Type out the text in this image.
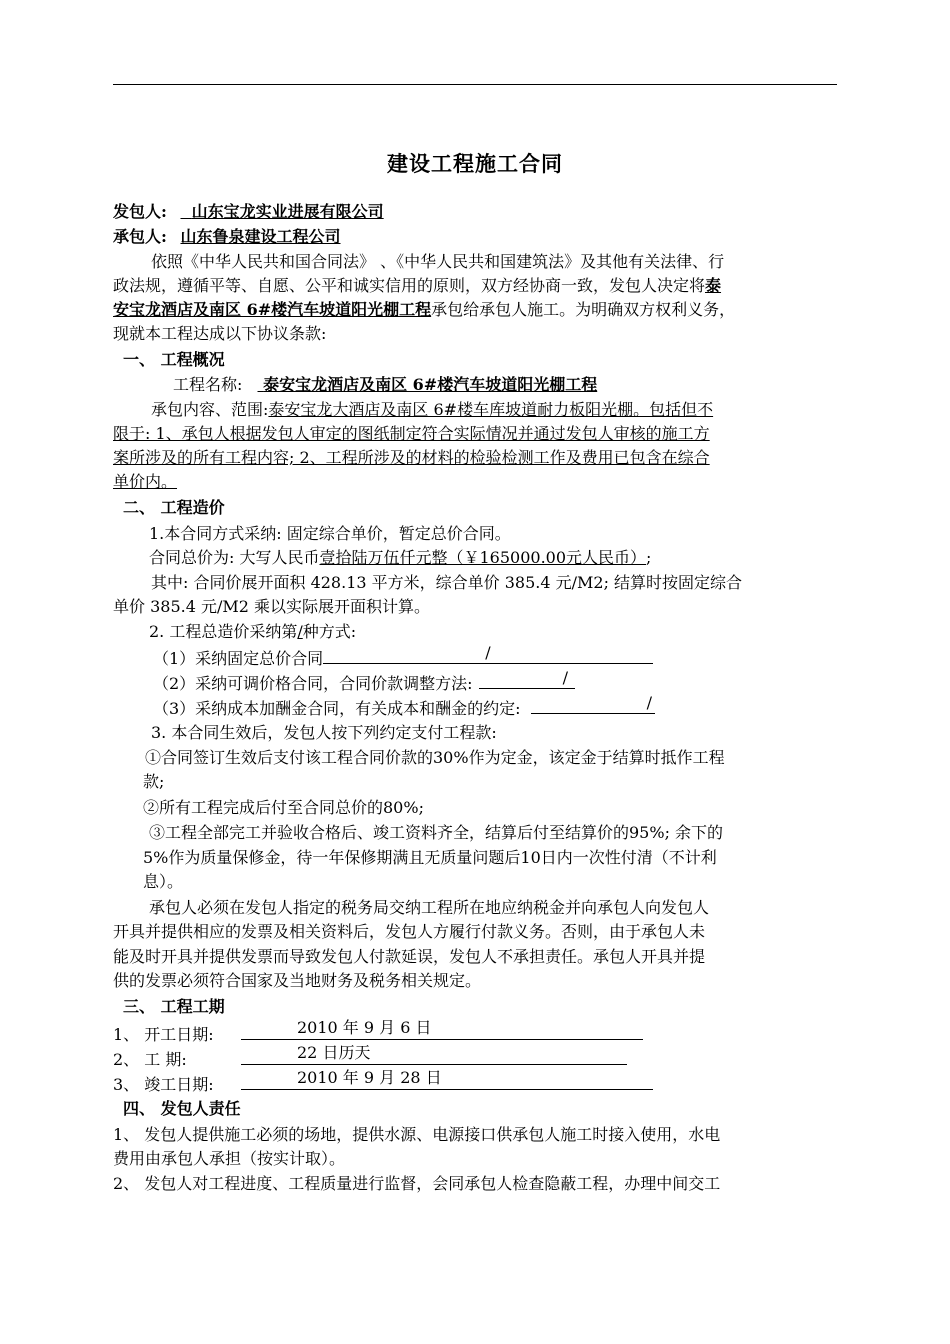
建设工程施工合同
发包人: 山东宝龙实业进展有限公司
承包人: 山东鲁泉建设工程公司
依照《中华人民共和国合同法》 、《中华人民共和国建筑法》及其他有关法律、行
政法规，遵循平等、自愿、公平和诚实信用的原则，双方经协商一致，发包人决定将泰
安宝龙酒店及南区 6#楼汽车坡道阳光棚工程承包给承包人施工。为明确双方权利义务，
现就本工程达成以下协议条款:
一、 工程概况
工程名称: 泰安宝龙酒店及南区 6#楼汽车坡道阳光棚工程
承包内容、范围:泰安宝龙大酒店及南区 6#楼车库坡道耐力板阳光棚。包括但不
限于: 1、承包人根据发包人审定的图纸制定符合实际情况并通过发包人审核的施工方
案所涉及的所有工程内容; 2、工程所涉及的材料的检验检测工作及费用已包含在综合
单价内。
二、 工程造价
1.本合同方式采纳: 固定综合单价，暂定总价合同。
合同总价为: 大写人民币壹拾陆万伍仟元整（￥165000.00元人民币）;
其中: 合同价展开面积 428.13 平方米，综合单价 385.4 元/M2; 结算时按固定综合
单价 385.4 元/M2 乘以实际展开面积计算。
2. 工程总造价采纳第/种方式:
（1）采纳固定总价合同	/
（2）采纳可调价格合同，合同价款调整方法:	/
（3）采纳成本加酬金合同，有关成本和酬金的约定:	/
3. 本合同生效后，发包人按下列约定支付工程款:
①合同签订生效后支付该工程合同价款的30%作为定金，该定金于结算时抵作工程
款;
②所有工程完成后付至合同总价的80%;
③工程全部完工并验收合格后、竣工资料齐全，结算后付至结算价的95%; 余下的
5%作为质量保修金，待一年保修期满且无质量问题后10日内一次性付清（不计利
息）。
承包人必须在发包人指定的税务局交纳工程所在地应纳税金并向承包人向发包人
开具并提供相应的发票及相关资料后，发包人方履行付款义务。否则，由于承包人未
能及时开具并提供发票而导致发包人付款延误，发包人不承担责任。承包人开具并提
供的发票必须符合国家及当地财务及税务相关规定。
三、 工程工期
1、 开工日期:	2010 年 9 月 6 日
2、 工 期:	22 日历天
3、 竣工日期:	2010 年 9 月 28 日
四、 发包人责任
1、 发包人提供施工必须的场地，提供水源、电源接口供承包人施工时接入使用，水电
费用由承包人承担（按实计取）。
2、 发包人对工程进度、工程质量进行监督，会同承包人检查隐蔽工程，办理中间交工
